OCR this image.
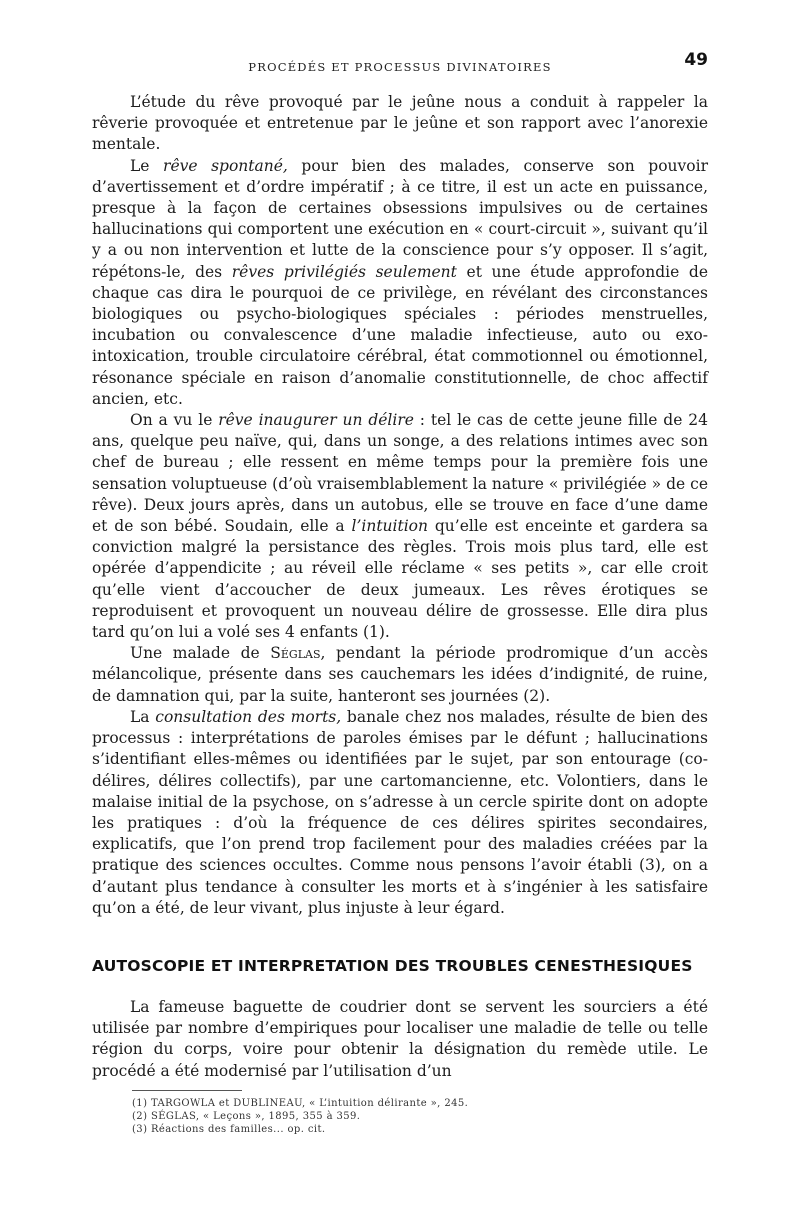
PROCÉDÉS ET PROCESSUS DIVINATOIRES	49

L’étude du rêve provoqué par le jeûne nous a conduit à rappeler la rêverie provoquée et entretenue par le jeûne et son rapport avec l’anorexie mentale.

Le rêve spontané, pour bien des malades, conserve son pouvoir d’avertissement et d’ordre impératif ; à ce titre, il est un acte en puissance, presque à la façon de certaines obsessions impulsives ou de certaines hallucinations qui comportent une exécution en « court-circuit », suivant qu’il y a ou non intervention et lutte de la conscience pour s’y opposer. Il s’agit, répétons-le, des rêves privilégiés seulement et une étude approfondie de chaque cas dira le pourquoi de ce privilège, en révélant des circonstances biologiques ou psycho-biologiques spéciales : périodes menstruelles, incubation ou convalescence d’une maladie infectieuse, auto ou exo-intoxication, trouble circulatoire cérébral, état commotionnel ou émotionnel, résonance spéciale en raison d’anomalie constitutionnelle, de choc affectif ancien, etc.

On a vu le rêve inaugurer un délire : tel le cas de cette jeune fille de 24 ans, quelque peu naïve, qui, dans un songe, a des relations intimes avec son chef de bureau ; elle ressent en même temps pour la première fois une sensation voluptueuse (d’où vraisemblablement la nature « privilégiée » de ce rêve). Deux jours après, dans un autobus, elle se trouve en face d’une dame et de son bébé. Soudain, elle a l’intuition qu’elle est enceinte et gardera sa conviction malgré la persistance des règles. Trois mois plus tard, elle est opérée d’appendicite ; au réveil elle réclame « ses petits », car elle croit qu’elle vient d’accoucher de deux jumeaux. Les rêves érotiques se reproduisent et provoquent un nouveau délire de grossesse. Elle dira plus tard qu’on lui a volé ses 4 enfants (1).

Une malade de Séglas, pendant la période prodromique d’un accès mélancolique, présente dans ses cauchemars les idées d’indignité, de ruine, de damnation qui, par la suite, hanteront ses journées (2).

La consultation des morts, banale chez nos malades, résulte de bien des processus : interprétations de paroles émises par le défunt ; hallucinations s’identifiant elles-mêmes ou identifiées par le sujet, par son entourage (co-délires, délires collectifs), par une cartomancienne, etc. Volontiers, dans le malaise initial de la psychose, on s’adresse à un cercle spirite dont on adopte les pratiques : d’où la fréquence de ces délires spirites secondaires, explicatifs, que l’on prend trop facilement pour des maladies créées par la pratique des sciences occultes. Comme nous pensons l’avoir établi (3), on a d’autant plus tendance à consulter les morts et à s’ingénier à les satisfaire qu’on a été, de leur vivant, plus injuste à leur égard.

AUTOSCOPIE ET INTERPRETATION DES TROUBLES CENESTHESIQUES

La fameuse baguette de coudrier dont se servent les sourciers a été utilisée par nombre d’empiriques pour localiser une maladie de telle ou telle région du corps, voire pour obtenir la désignation du remède utile. Le procédé a été modernisé par l’utilisation d’un

(1) TARGOWLA et DUBLINEAU, « L’intuition délirante », 245.
(2) SÉGLAS, « Leçons », 1895, 355 à 359.
(3) Réactions des familles... op. cit.
